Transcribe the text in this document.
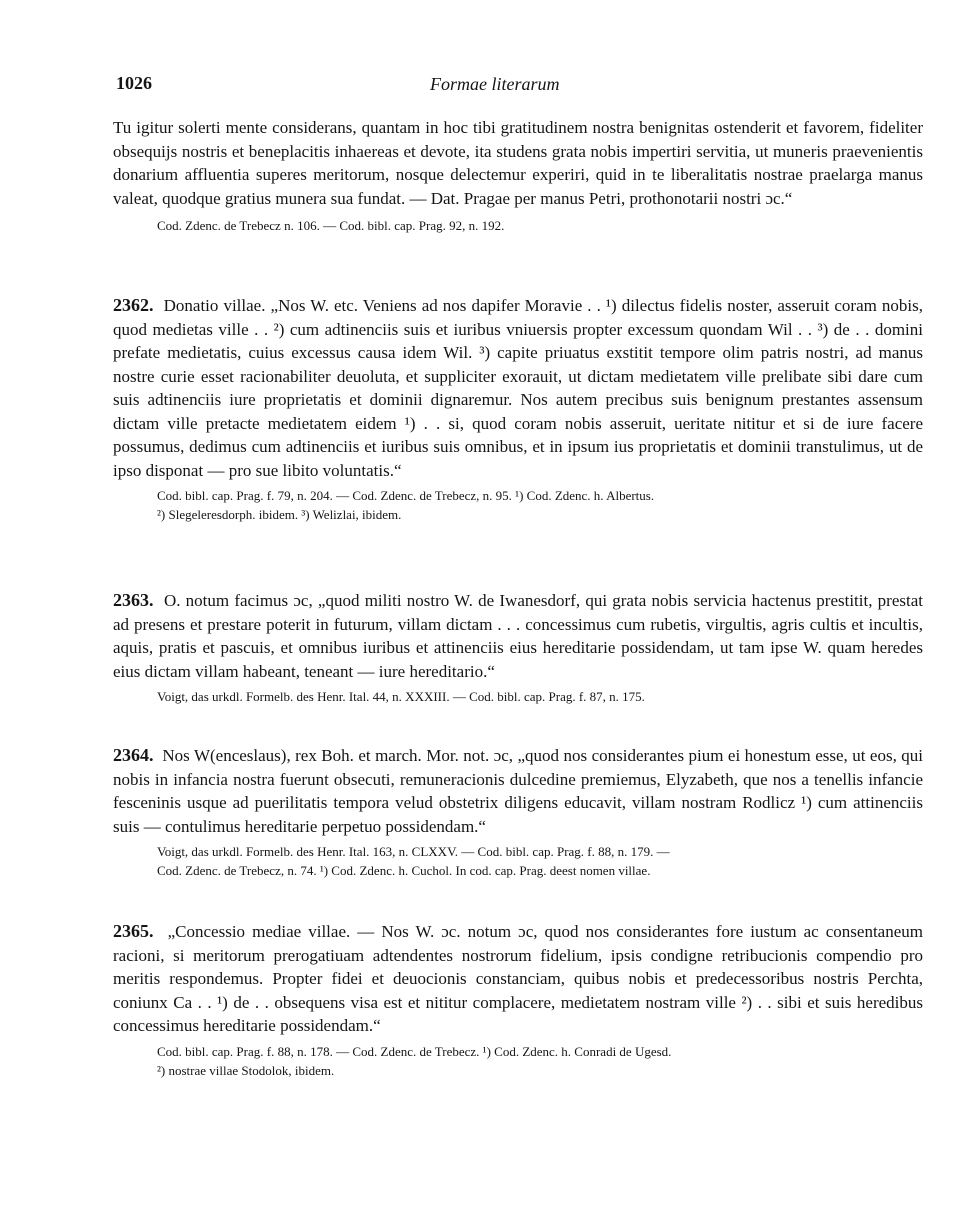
1026	Formae literarum
Tu igitur solerti mente considerans, quantam in hoc tibi gratitudinem nostra benignitas ostenderit et favorem, fideliter obsequijs nostris et beneplacitis inhaereas et devote, ita studens grata nobis impertiri servitia, ut muneris praevenientis donarium affluentia superes meritorum, nosque delectemur experiri, quid in te liberalitatis nostrae praelarga manus valeat, quodque gratius munera sua fundat. — Dat. Pragae per manus Petri, prothonotarii nostri ɔc.“
Cod. Zdenc. de Trebecz n. 106. — Cod. bibl. cap. Prag. 92, n. 192.
2362. Donatio villae. „Nos W. etc. Veniens ad nos dapifer Moravie . . ¹) dilectus fidelis noster, asseruit coram nobis, quod medietas ville . . ²) cum adtinenciis suis et iuribus vniuersis propter excessum quondam Wil . . ³) de . . domini prefate medietatis, cuius excessus causa idem Wil. ³) capite priuatus exstitit tempore olim patris nostri, ad manus nostre curie esset racionabiliter deuoluta, et suppliciter exorauit, ut dictam medietatem ville prelibate sibi dare cum suis adtinenciis iure proprietatis et dominii dignaremur. Nos autem precibus suis benignum prestantes assensum dictam ville pretacte medietatem eidem ¹) . . si, quod coram nobis asseruit, ueritate nititur et si de iure facere possumus, dedimus cum adtinenciis et iuribus suis omnibus, et in ipsum ius proprietatis et dominii transtulimus, ut de ipso disponat — pro sue libito voluntatis.“
Cod. bibl. cap. Prag. f. 79, n. 204. — Cod. Zdenc. de Trebecz, n. 95. ¹) Cod. Zdenc. h. Albertus.
²) Slegeleresdorph. ibidem. ³) Welizlai, ibidem.
2363. O. notum facimus ɔc, „quod militi nostro W. de Iwanesdorf, qui grata nobis servicia hactenus prestitit, prestat ad presens et prestare poterit in futurum, villam dictam . . . concessimus cum rubetis, virgultis, agris cultis et incultis, aquis, pratis et pascuis, et omnibus iuribus et attinenciis eius hereditarie possidendam, ut tam ipse W. quam heredes eius dictam villam habeant, teneant — iure hereditario.“
Voigt, das urkdl. Formelb. des Henr. Ital. 44, n. XXXIII. — Cod. bibl. cap. Prag. f. 87, n. 175.
2364. Nos W(enceslaus), rex Boh. et march. Mor. not. ɔc, „quod nos considerantes pium ei honestum esse, ut eos, qui nobis in infancia nostra fuerunt obsecuti, remuneracionis dulcedine premiemus, Elyzabeth, que nos a tenellis infancie fesceninis usque ad puerilitatis tempora velud obstetrix diligens educavit, villam nostram Rodlicz ¹) cum attinenciis suis — contulimus hereditarie perpetuo possidendam.“
Voigt, das urkdl. Formelb. des Henr. Ital. 163, n. CLXXV. — Cod. bibl. cap. Prag. f. 88, n. 179. —
Cod. Zdenc. de Trebecz, n. 74. ¹) Cod. Zdenc. h. Cuchol. In cod. cap. Prag. deest nomen villae.
2365. „Concessio mediae villae. — Nos W. ɔc. notum ɔc, quod nos considerantes fore iustum ac consentaneum racioni, si meritorum prerogatiuam adtendentes nostrorum fidelium, ipsis condigne retribucionis compendio pro meritis respondemus. Propter fidei et deuocionis constanciam, quibus nobis et predecessoribus nostris Perchta, coniunx Ca . . ¹) de . . obsequens visa est et nititur complacere, medietatem nostram ville ²) . . sibi et suis heredibus concessimus hereditarie possidendam.“
Cod. bibl. cap. Prag. f. 88, n. 178. — Cod. Zdenc. de Trebecz. ¹) Cod. Zdenc. h. Conradi de Ugesd.
²) nostrae villae Stodolok, ibidem.
